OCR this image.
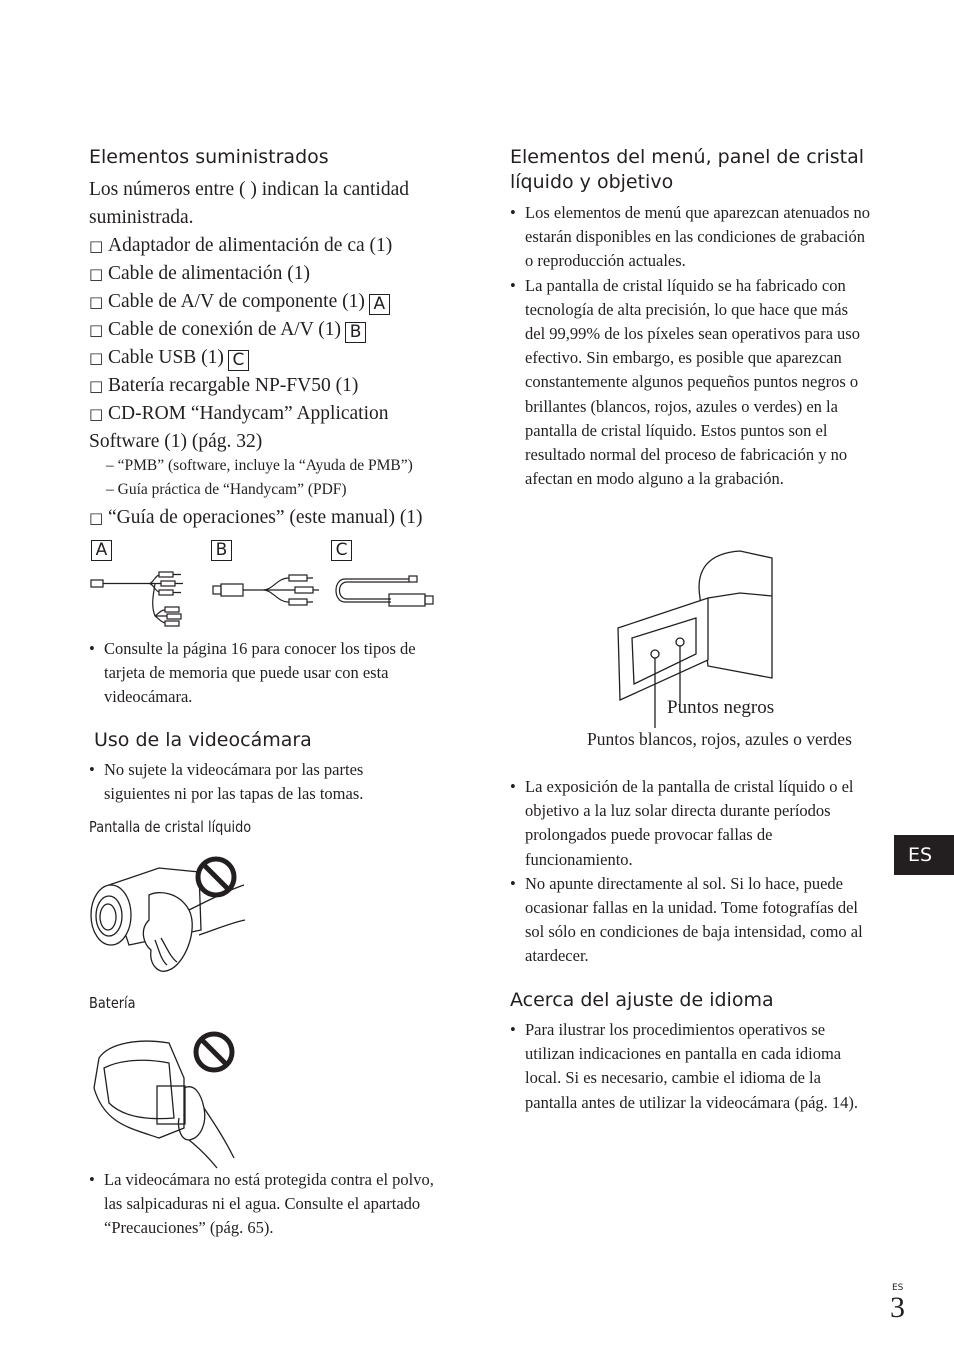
Elementos suministrados

Los números entre ( ) indican la cantidad suministrada.

□ Adaptador de alimentación de ca (1)
□ Cable de alimentación (1)
□ Cable de A/V de componente (1) A
□ Cable de conexión de A/V (1) B
□ Cable USB (1) C
□ Batería recargable NP-FV50 (1)
□ CD-ROM “Handycam” Application
Software (1) (pág. 32)
– “PMB” (software, incluye la “Ayuda de PMB”)
– Guía práctica de “Handycam” (PDF)
□ “Guía de operaciones” (este manual) (1)
A	B	C

• Consulte la página 16 para conocer los tipos de tarjeta de memoria que puede usar con esta videocámara.

Uso de la videocámara

• No sujete la videocámara por las partes siguientes ni por las tapas de las tomas.

Pantalla de cristal líquido
Batería

• La videocámara no está protegida contra el polvo, las salpicaduras ni el agua. Consulte el apartado “Precauciones” (pág. 65).

Elementos del menú, panel de cristal
líquido y objetivo

• Los elementos de menú que aparezcan atenuados no estarán disponibles en las condiciones de grabación o reproducción actuales.

• La pantalla de cristal líquido se ha fabricado con tecnología de alta precisión, lo que hace que más del 99,99% de los píxeles sean operativos para uso efectivo. Sin embargo, es posible que aparezcan constantemente algunos pequeños puntos negros o brillantes (blancos, rojos, azules o verdes) en la pantalla de cristal líquido. Estos puntos son el resultado normal del proceso de fabricación y no afectan en modo alguno a la grabación.

Puntos negros
Puntos blancos, rojos, azules o verdes

• La exposición de la pantalla de cristal líquido o el objetivo a la luz solar directa durante períodos prolongados puede provocar fallas de funcionamiento.

• No apunte directamente al sol. Si lo hace, puede ocasionar fallas en la unidad. Tome fotografías del sol sólo en condiciones de baja intensidad, como al atardecer.

Acerca del ajuste de idioma

• Para ilustrar los procedimientos operativos se utilizan indicaciones en pantalla en cada idioma local. Si es necesario, cambie el idioma de la pantalla antes de utilizar la videocámara (pág. 14).

ES
ES
3
